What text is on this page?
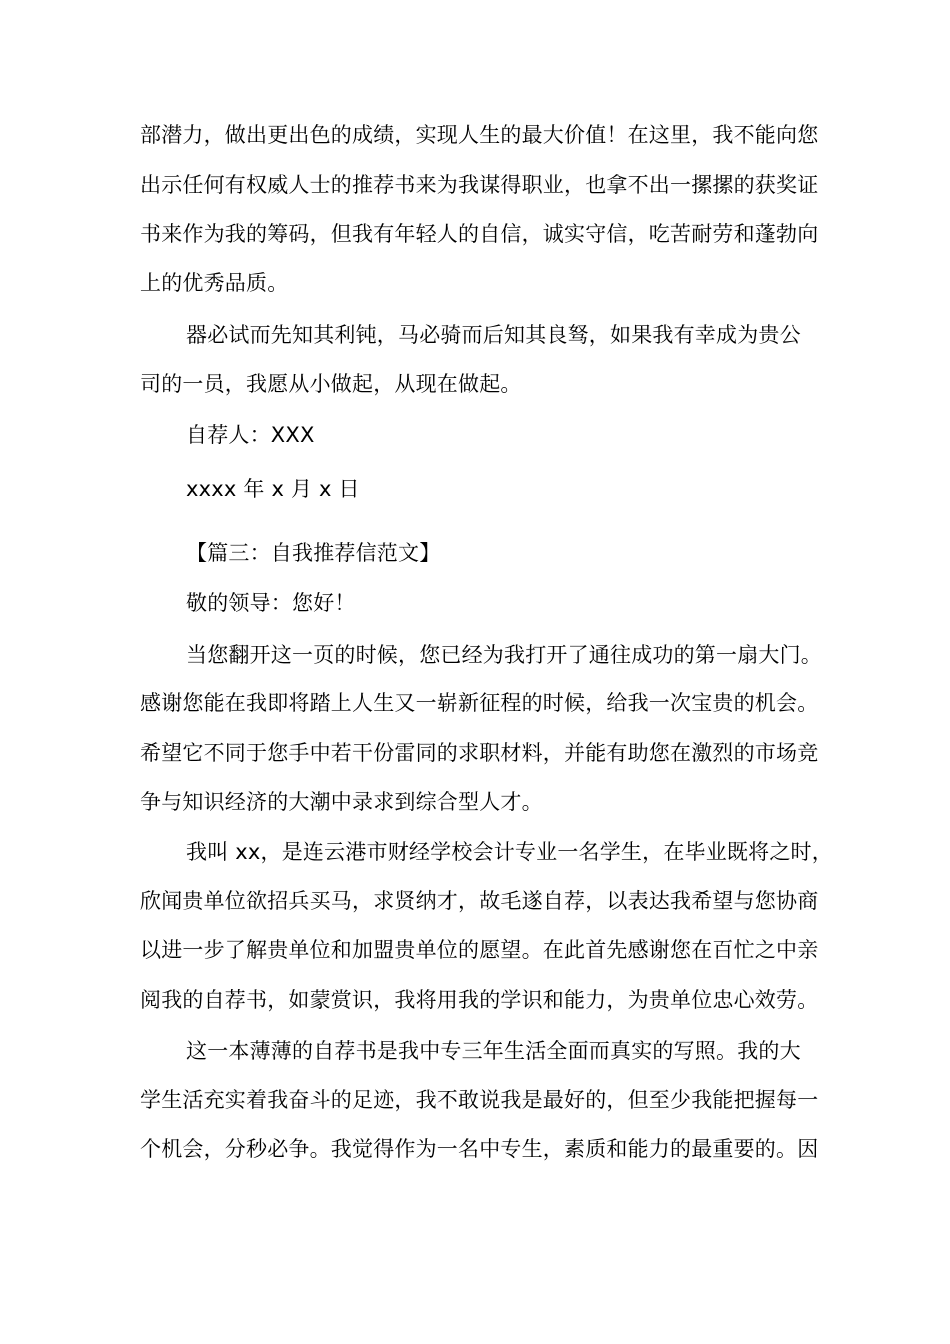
部潜力，做出更出色的成绩，实现人生的最大价值！在这里，我不能向您
出示任何有权威人士的推荐书来为我谋得职业，也拿不出一摞摞的获奖证
书来作为我的筹码，但我有年轻人的自信，诚实守信，吃苦耐劳和蓬勃向
上的优秀品质。
器必试而先知其利钝，马必骑而后知其良驽，如果我有幸成为贵公
司的一员，我愿从小做起，从现在做起。
自荐人：XXX
xxxx 年 x 月 x 日
【篇三：自我推荐信范文】
敬的领导：您好！
当您翻开这一页的时候，您已经为我打开了通往成功的第一扇大门。
感谢您能在我即将踏上人生又一崭新征程的时候，给我一次宝贵的机会。
希望它不同于您手中若干份雷同的求职材料，并能有助您在激烈的市场竞
争与知识经济的大潮中录求到综合型人才。
我叫 xx，是连云港市财经学校会计专业一名学生，在毕业既将之时，
欣闻贵单位欲招兵买马，求贤纳才，故毛遂自荐，以表达我希望与您协商
以进一步了解贵单位和加盟贵单位的愿望。在此首先感谢您在百忙之中亲
阅我的自荐书，如蒙赏识，我将用我的学识和能力，为贵单位忠心效劳。
这一本薄薄的自荐书是我中专三年生活全面而真实的写照。我的大
学生活充实着我奋斗的足迹，我不敢说我是最好的，但至少我能把握每一
个机会，分秒必争。我觉得作为一名中专生，素质和能力的最重要的。因
